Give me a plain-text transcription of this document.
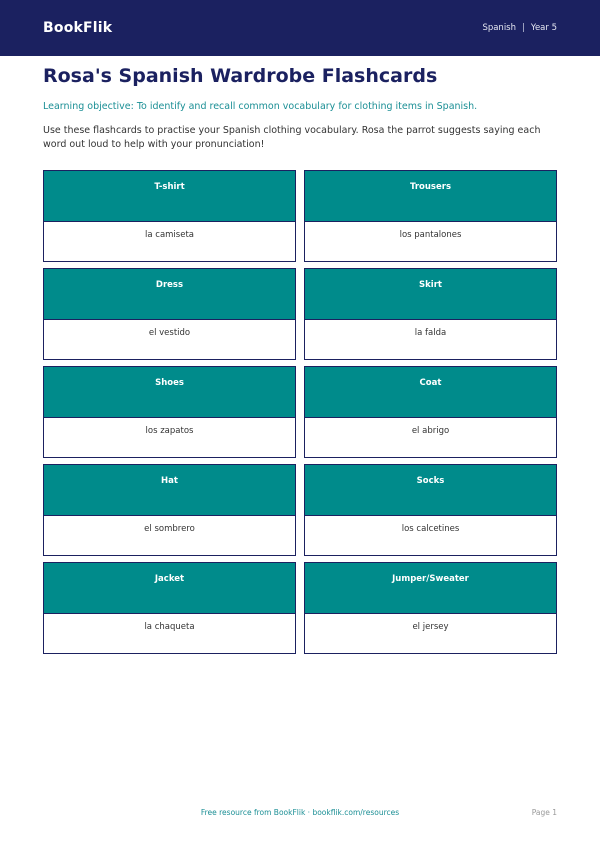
BookFlik	Spanish | Year 5
Rosa's Spanish Wardrobe Flashcards

Learning objective: To identify and recall common vocabulary for clothing items in Spanish.

Use these flashcards to practise your Spanish clothing vocabulary. Rosa the parrot suggests saying each word out loud to help with your pronunciation!

T-shirt
la camiseta
Trousers
los pantalones
Dress
el vestido
Skirt
la falda
Shoes
los zapatos
Coat
el abrigo
Hat
el sombrero
Socks
los calcetines
Jacket
la chaqueta
Jumper/Sweater
el jersey
Free resource from BookFlik · bookflik.com/resources	Page 1
